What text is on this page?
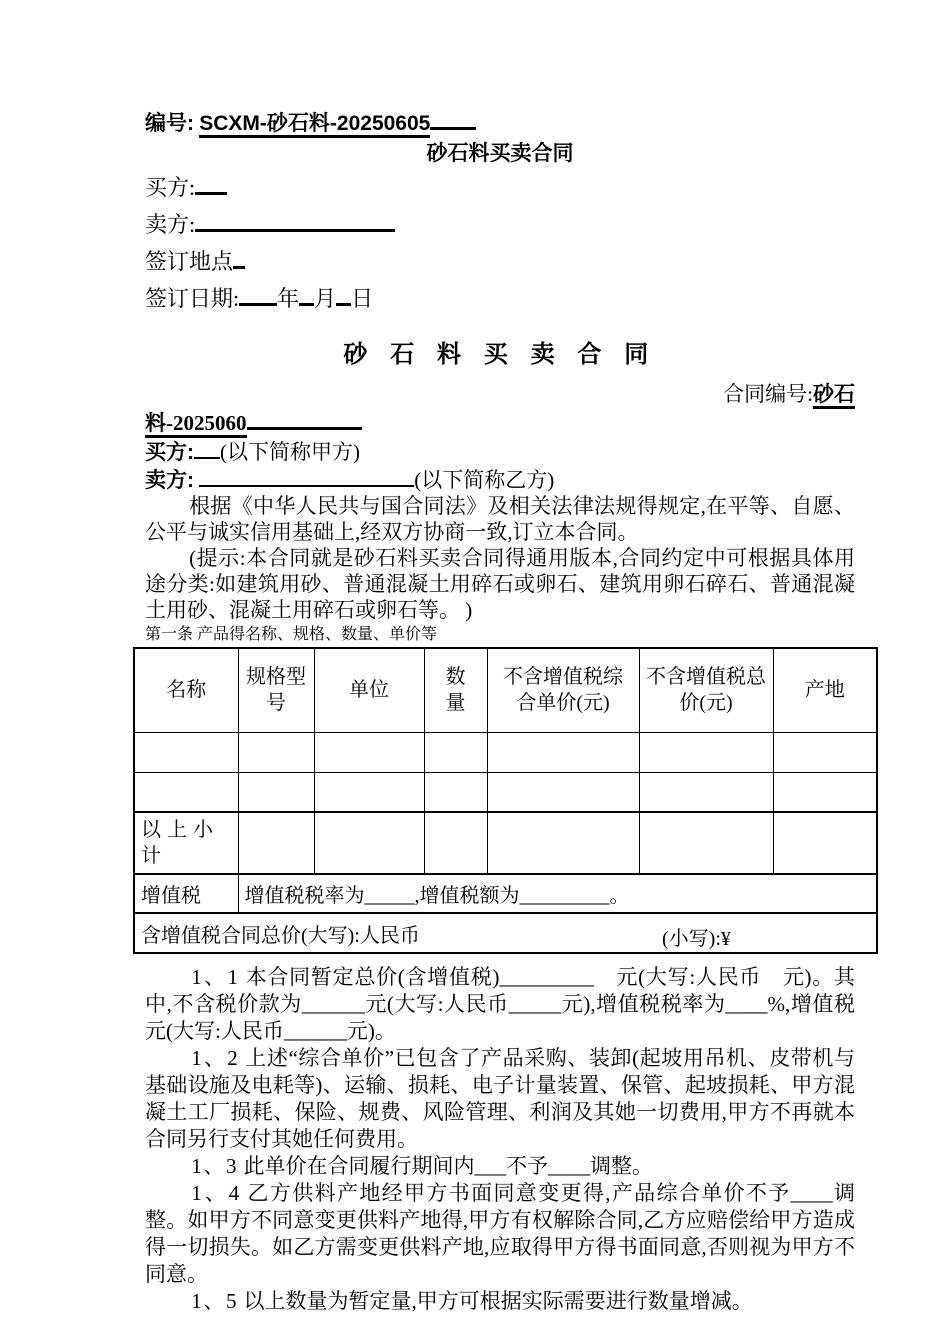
编号: SCXM-砂石料-20250605
砂石料买卖合同
买方:
卖方:
签订地点
签订日期: 年 月 日
砂 石 料 买 卖 合 同
合同编号:砂石
料-2025060
买方: (以下简称甲方)
卖方:	(以下简称乙方)

根据《中华人民共与国合同法》及相关法律法规得规定,在平等、自愿、公平与诚实信用基础上,经双方协商一致,订立本合同。

(提示:本合同就是砂石料买卖合同得通用版本,合同约定中可根据具体用途分类:如建筑用砂、普通混凝土用碎石或卵石、建筑用卵石碎石、普通混凝土用砂、混凝土用碎石或卵石等。 )

第一条 产品得名称、规格、数量、单价等
名称	规格型号	单位	数量	不含增值税综合单价(元)	不含增值税总价(元)	产地

以上小计						
增值税	增值税税率为_____,增值税额为_________。					
含增值税合同总价(大写):人民币 (小写):¥						

1、1 本合同暂定总价(含增值税)_________　元(大写:人民币　元)。其中,不含税价款为______元(大写:人民币_____元),增值税税率为____%,增值税　　　　元(大写:人民币______元)。

1、2 上述“综合单价”已包含了产品采购、装卸(起坡用吊机、皮带机与基础设施及电耗等)、运输、损耗、电子计量装置、保管、起坡损耗、甲方混凝土工厂损耗、保险、规费、风险管理、利润及其她一切费用,甲方不再就本合同另行支付其她任何费用。

1、3 此单价在合同履行期间内___不予____调整。

1、4 乙方供料产地经甲方书面同意变更得,产品综合单价不予____调整。如甲方不同意变更供料产地得,甲方有权解除合同,乙方应赔偿给甲方造成得一切损失。如乙方需变更供料产地,应取得甲方得书面同意,否则视为甲方不同意。

1、5 以上数量为暂定量,甲方可根据实际需要进行数量增减。
